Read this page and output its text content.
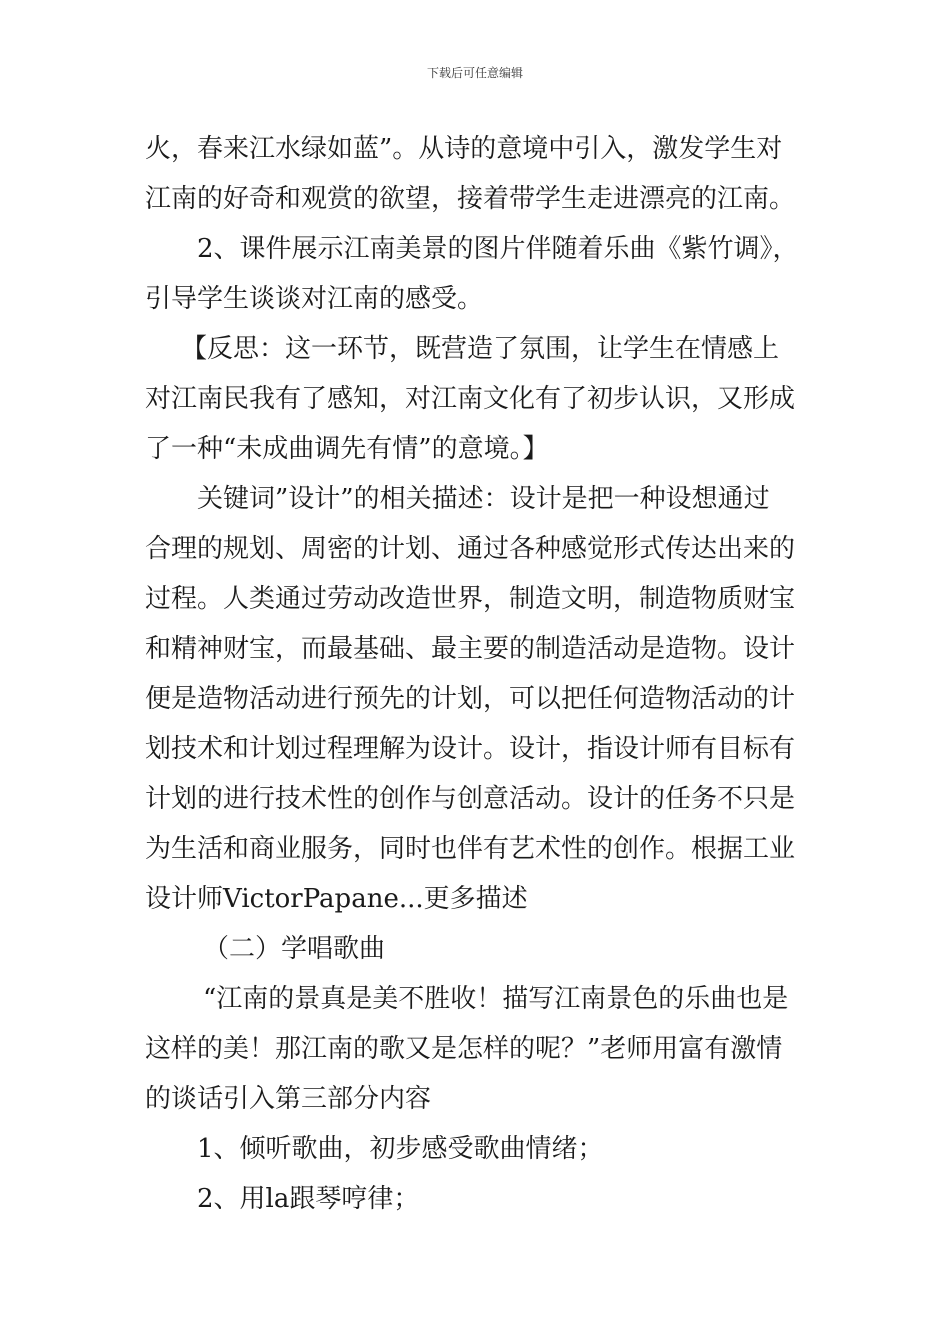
下载后可任意编辑
火，春来江水绿如蓝”。从诗的意境中引入，激发学生对
江南的好奇和观赏的欲望，接着带学生走进漂亮的江南。
2、课件展示江南美景的图片伴随着乐曲《紫竹调》，
引导学生谈谈对江南的感受。
【反思：这一环节，既营造了氛围，让学生在情感上
对江南民我有了感知，对江南文化有了初步认识，又形成
了一种“未成曲调先有情”的意境。】
关键词”设计”的相关描述：设计是把一种设想通过
合理的规划、周密的计划、通过各种感觉形式传达出来的
过程。人类通过劳动改造世界，制造文明，制造物质财宝
和精神财宝，而最基础、最主要的制造活动是造物。设计
便是造物活动进行预先的计划，可以把任何造物活动的计
划技术和计划过程理解为设计。设计，指设计师有目标有
计划的进行技术性的创作与创意活动。设计的任务不只是
为生活和商业服务，同时也伴有艺术性的创作。根据工业
设计师VictorPapane...更多描述
（二）学唱歌曲
“江南的景真是美不胜收！描写江南景色的乐曲也是
这样的美！那江南的歌又是怎样的呢？”老师用富有激情
的谈话引入第三部分内容
1、倾听歌曲，初步感受歌曲情绪；
2、用la跟琴哼律；
